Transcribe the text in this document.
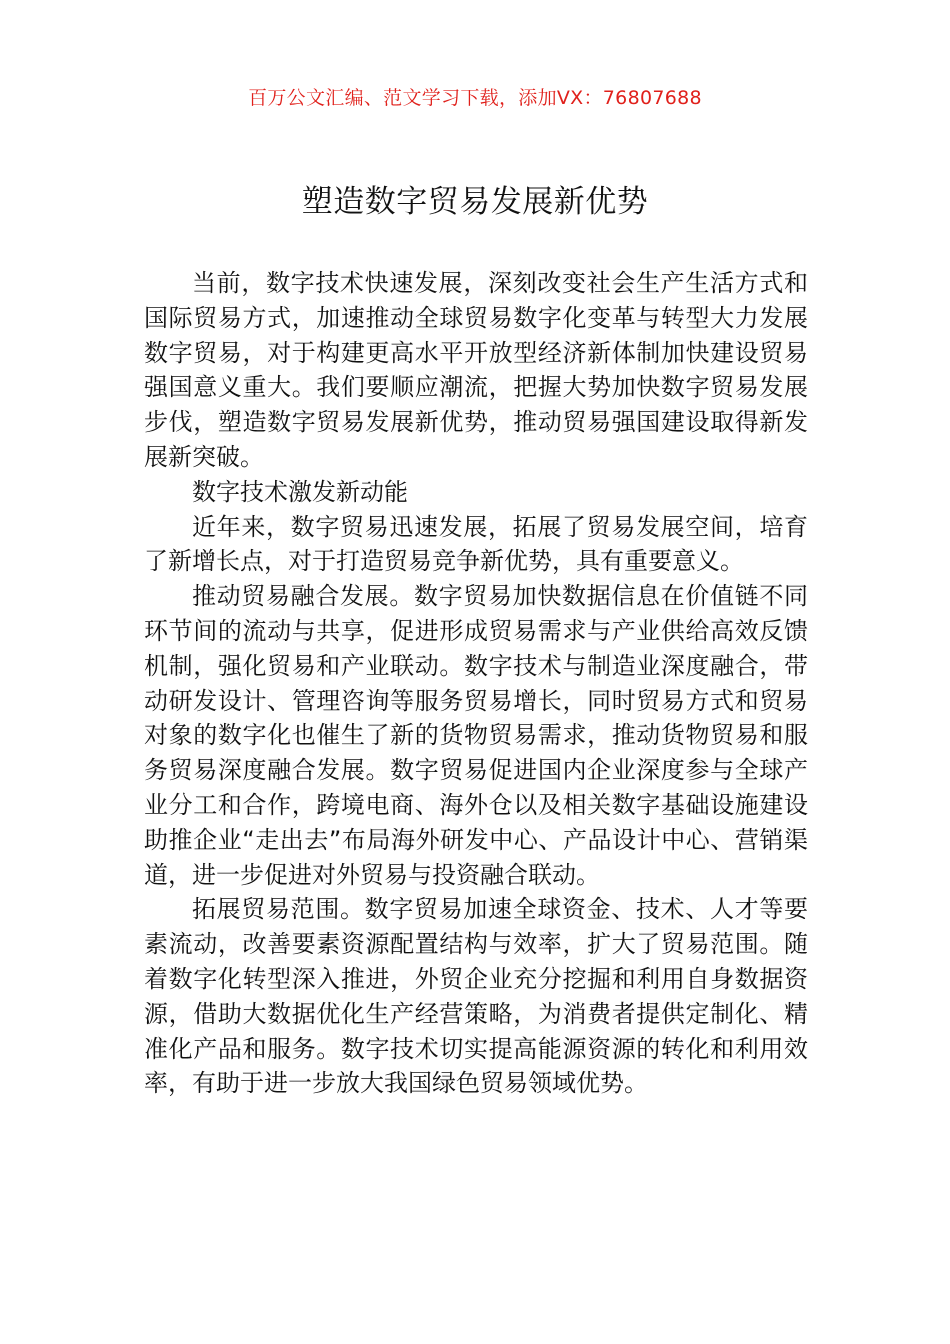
百万公文汇编、范文学习下载，添加VX：76807688
塑造数字贸易发展新优势

当前，数字技术快速发展，深刻改变社会生产生活方式和国际贸易方式，加速推动全球贸易数字化变革与转型大力发展数字贸易，对于构建更高水平开放型经济新体制加快建设贸易强国意义重大。我们要顺应潮流，把握大势加快数字贸易发展步伐，塑造数字贸易发展新优势，推动贸易强国建设取得新发展新突破。

数字技术激发新动能

近年来，数字贸易迅速发展，拓展了贸易发展空间，培育了新增长点，对于打造贸易竞争新优势，具有重要意义。

推动贸易融合发展。数字贸易加快数据信息在价值链不同环节间的流动与共享，促进形成贸易需求与产业供给高效反馈机制，强化贸易和产业联动。数字技术与制造业深度融合，带动研发设计、管理咨询等服务贸易增长，同时贸易方式和贸易对象的数字化也催生了新的货物贸易需求，推动货物贸易和服务贸易深度融合发展。数字贸易促进国内企业深度参与全球产业分工和合作，跨境电商、海外仓以及相关数字基础设施建设助推企业“走出去”布局海外研发中心、产品设计中心、营销渠道，进一步促进对外贸易与投资融合联动。

拓展贸易范围。数字贸易加速全球资金、技术、人才等要素流动，改善要素资源配置结构与效率，扩大了贸易范围。随着数字化转型深入推进，外贸企业充分挖掘和利用自身数据资源，借助大数据优化生产经营策略，为消费者提供定制化、精准化产品和服务。数字技术切实提高能源资源的转化和利用效率，有助于进一步放大我国绿色贸易领域优势。
